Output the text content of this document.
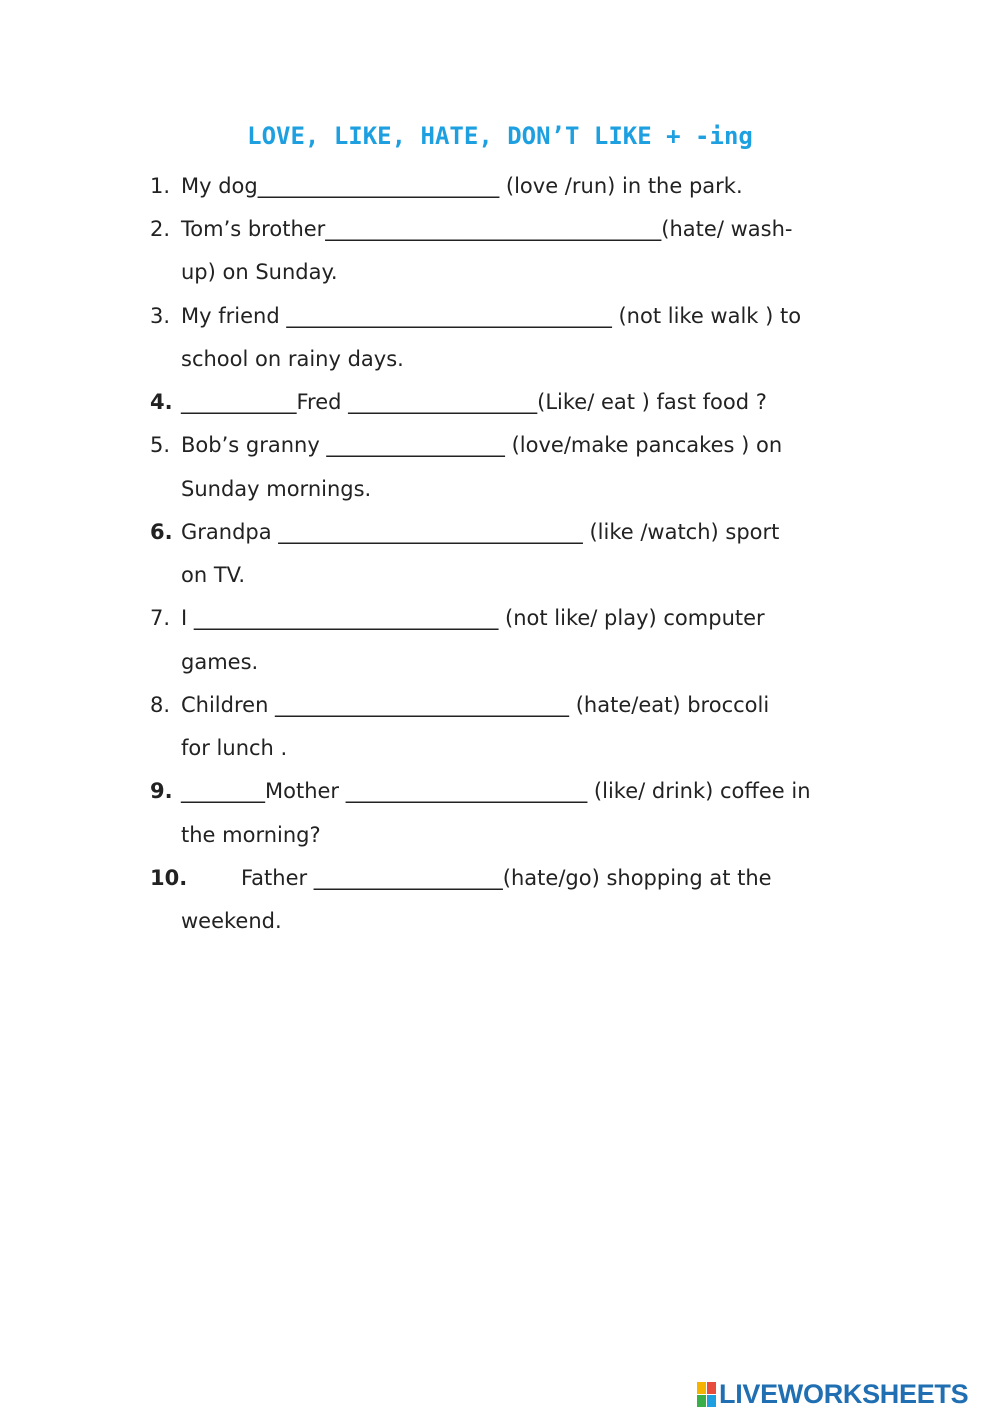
LOVE, LIKE, HATE, DON’T LIKE + -ing
1. My dog_______________________ (love /run) in the park.
2. Tom’s brother________________________________(hate/ wash-
up) on Sunday.
3. My friend _______________________________ (not like walk ) to
school on rainy days.
4. ___________Fred __________________(Like/ eat ) fast food ?
5. Bob’s granny _________________ (love/make pancakes ) on
Sunday mornings.
6. Grandpa _____________________________ (like /watch) sport
on TV.
7. I _____________________________ (not like/ play) computer
games.
8. Children ____________________________ (hate/eat) broccoli
for lunch .
9. ________Mother _______________________ (like/ drink) coffee in
the morning?
10.	Father __________________(hate/go) shopping at the
weekend.
LIVEWORKSHEETS
